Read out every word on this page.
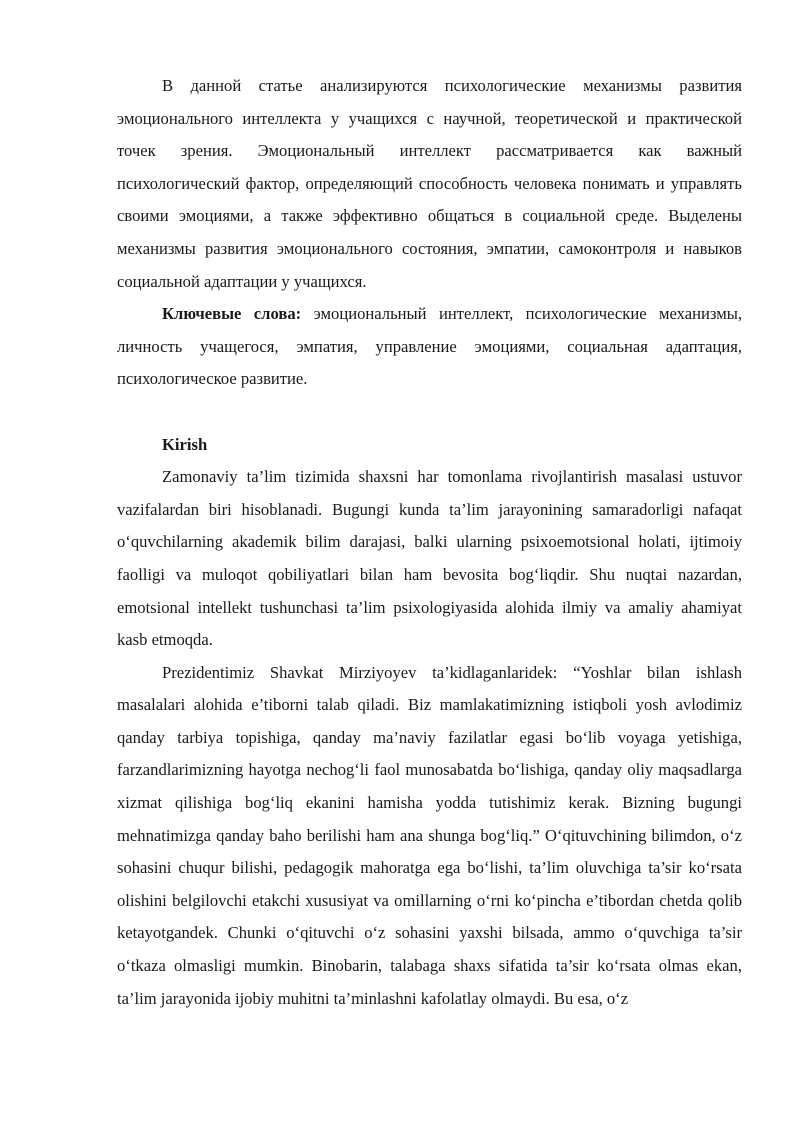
В данной статье анализируются психологические механизмы развития эмоционального интеллекта у учащихся с научной, теоретической и практической точек зрения. Эмоциональный интеллект рассматривается как важный психологический фактор, определяющий способность человека понимать и управлять своими эмоциями, а также эффективно общаться в социальной среде. Выделены механизмы развития эмоционального состояния, эмпатии, самоконтроля и навыков социальной адаптации у учащихся.

Ключевые слова: эмоциональный интеллект, психологические механизмы, личность учащегося, эмпатия, управление эмоциями, социальная адаптация, психологическое развитие.

Kirish

Zamonaviy ta’lim tizimida shaxsni har tomonlama rivojlantirish masalasi ustuvor vazifalardan biri hisoblanadi. Bugungi kunda ta’lim jarayonining samaradorligi nafaqat o‘quvchilarning akademik bilim darajasi, balki ularning psixoemotsional holati, ijtimoiy faolligi va muloqot qobiliyatlari bilan ham bevosita bog‘liqdir. Shu nuqtai nazardan, emotsional intellekt tushunchasi ta’lim psixologiyasida alohida ilmiy va amaliy ahamiyat kasb etmoqda.

Prezidentimiz Shavkat Mirziyoyev ta’kidlaganlaridek: “Yoshlar bilan ishlash masalalari alohida e’tiborni talab qiladi. Biz mamlakatimizning istiqboli yosh avlodimiz qanday tarbiya topishiga, qanday ma’naviy fazilatlar egasi bo‘lib voyaga yetishiga, farzandlarimizning hayotga nechog‘li faol munosabatda bo‘lishiga, qanday oliy maqsadlarga xizmat qilishiga bog‘liq ekanini hamisha yodda tutishimiz kerak. Bizning bugungi mehnatimizga qanday baho berilishi ham ana shunga bog‘liq.” O‘qituvchining bilimdon, o‘z sohasini chuqur bilishi, pedagogik mahoratga ega bo‘lishi, ta’lim oluvchiga ta’sir ko‘rsata olishini belgilovchi etakchi xususiyat va omillarning o‘rni ko‘pincha e’tibordan chetda qolib ketayotgandek. Chunki o‘qituvchi o‘z sohasini yaxshi bilsada, ammo o‘quvchiga ta’sir o‘tkaza olmasligi mumkin. Binobarin, talabaga shaxs sifatida ta’sir ko‘rsata olmas ekan, ta’lim jarayonida ijobiy muhitni ta’minlashni kafolatlay olmaydi. Bu esa, o‘z
